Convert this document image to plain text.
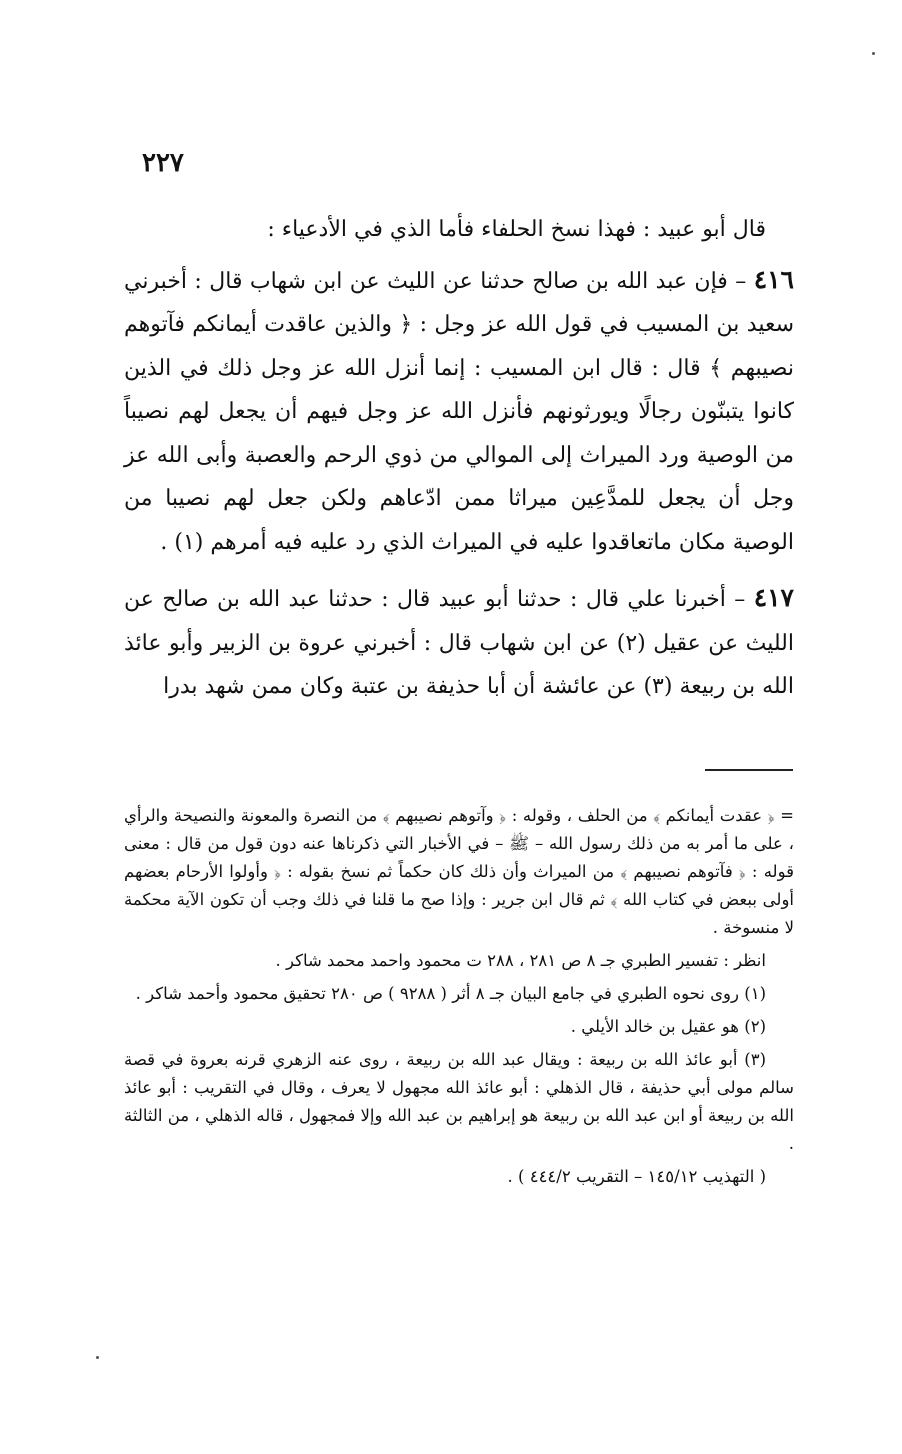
٢٢٧

قال أبو عبيد : فهذا نسخ الحلفاء فأما الذي في الأدعياء :

٤١٦ – فإن عبد الله بن صالح حدثنا عن الليث عن ابن شهاب قال : أخبرني سعيد بن المسيب في قول الله عز وجل : ﴿ والذين عاقدت أيمانكم فآتوهم نصيبهم ﴾ قال : قال ابن المسيب : إنما أنزل الله عز وجل ذلك في الذين كانوا يتبنّون رجالًا ويورثونهم فأنزل الله عز وجل فيهم أن يجعل لهم نصيباً من الوصية ورد الميراث إلى الموالي من ذوي الرحم والعصبة وأبى الله عز وجل أن يجعل للمدَّعِين ميراثا ممن ادّعاهم ولكن جعل لهم نصيبا من الوصية مكان ماتعاقدوا عليه في الميراث الذي رد عليه فيه أمرهم (١) .

٤١٧ – أخبرنا علي قال : حدثنا أبو عبيد قال : حدثنا عبد الله بن صالح عن الليث عن عقيل (٢) عن ابن شهاب قال : أخبرني عروة بن الزبير وأبو عائذ الله بن ربيعة (٣) عن عائشة أن أبا حذيفة بن عتبة وكان ممن شهد بدرا

= ﴿ عقدت أيمانكم ﴾ من الحلف ، وقوله : ﴿ وآتوهم نصيبهم ﴾ من النصرة والمعونة والنصيحة والرأي ، على ما أمر به من ذلك رسول الله – ﷺ – في الأخبار التي ذكرناها عنه دون قول من قال : معنى قوله : ﴿ فآتوهم نصيبهم ﴾ من الميراث وأن ذلك كان حكماً ثم نسخ بقوله : ﴿ وأولوا الأرحام بعضهم أولى ببعض في كتاب الله ﴾ ثم قال ابن جرير : وإذا صح ما قلنا في ذلك وجب أن تكون الآية محكمة لا منسوخة .

انظر : تفسير الطبري جـ ٨ ص ٢٨١ ، ٢٨٨ ت محمود واحمد محمد شاكر .

(١) روى نحوه الطبري في جامع البيان جـ ٨ أثر ( ٩٢٨٨ ) ص ٢٨٠ تحقيق محمود وأحمد شاكر .

(٢) هو عقيل بن خالد الأيلي .

(٣) أبو عائذ الله بن ربيعة : ويقال عبد الله بن ربيعة ، روى عنه الزهري قرنه بعروة في قصة سالم مولى أبي حذيفة ، قال الذهلي : أبو عائذ الله مجهول لا يعرف ، وقال في التقريب : أبو عائذ الله بن ربيعة أو ابن عبد الله بن ربيعة هو إبراهيم بن عبد الله وإلا فمجهول ، قاله الذهلي ، من الثالثة .

( التهذيب ١٤٥/١٢ – التقريب ٤٤٤/٢ ) .
